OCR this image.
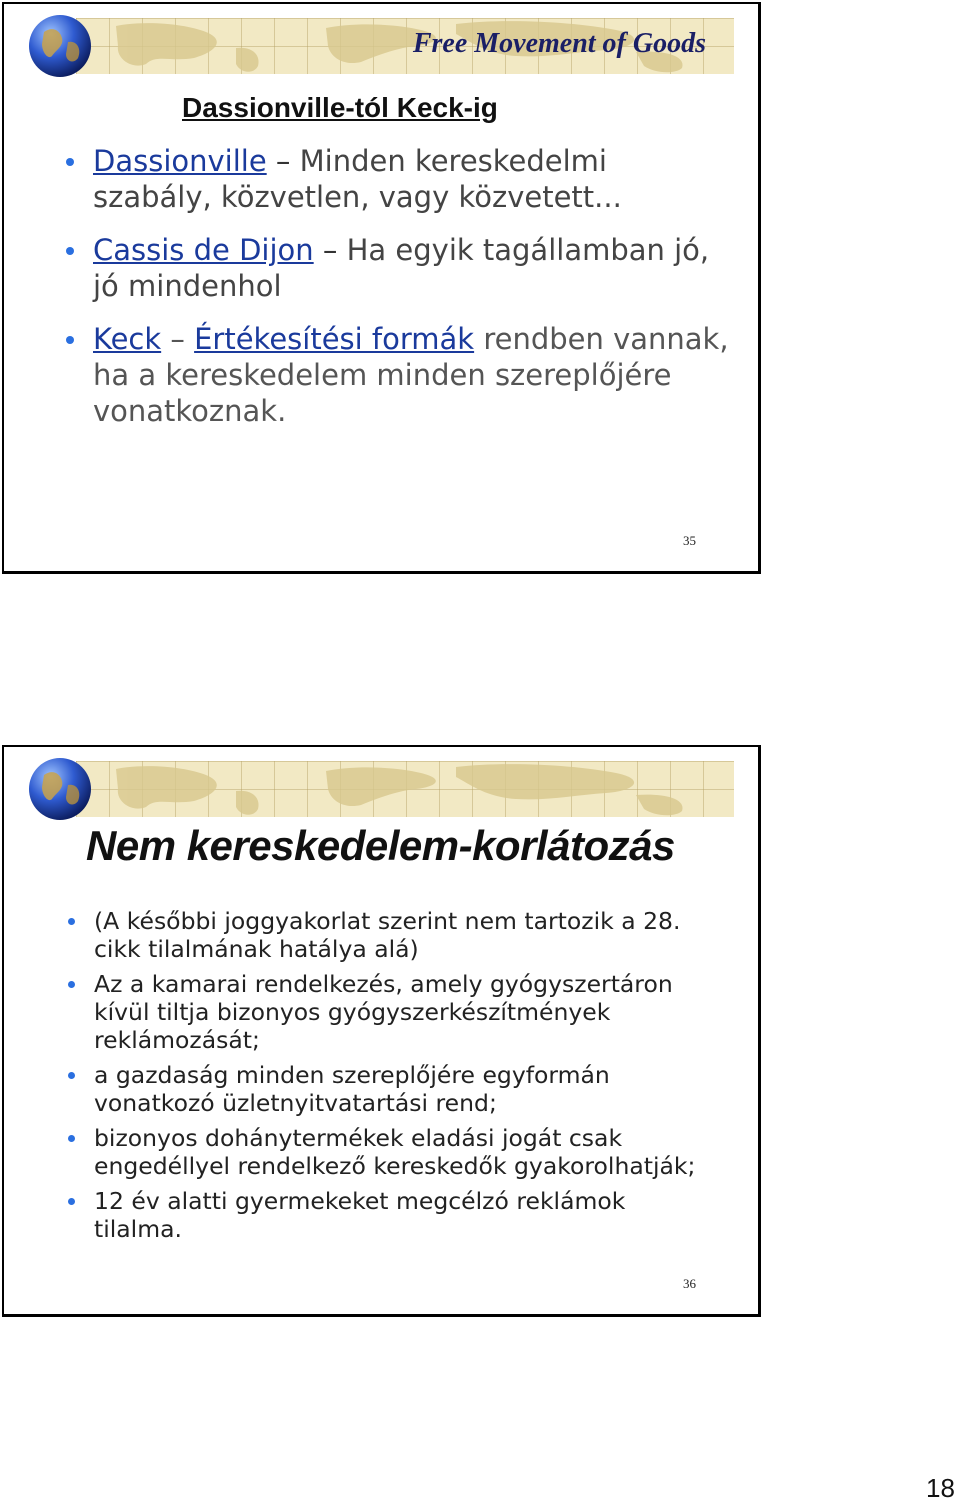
Free Movement of Goods
Dassionville-tól Keck-ig
Dassionville – Minden kereskedelmi szabály, közvetlen, vagy közvetett...
Cassis de Dijon – Ha egyik tagállamban jó, jó mindenhol
Keck – Értékesítési formák rendben vannak, ha a kereskedelem minden szereplőjére vonatkoznak.
35
Nem kereskedelem-korlátozás
(A későbbi joggyakorlat szerint nem tartozik a 28. cikk tilalmának hatálya alá)
Az a kamarai rendelkezés, amely gyógyszertáron kívül tiltja bizonyos gyógyszerkészítmények reklámozását;
a gazdaság minden szereplőjére egyformán vonatkozó üzletnyitvatartási rend;
bizonyos dohánytermékek eladási jogát csak engedéllyel rendelkező kereskedők gyakorolhatják;
12 év alatti gyermekeket megcélzó reklámok tilalma.
36
18
